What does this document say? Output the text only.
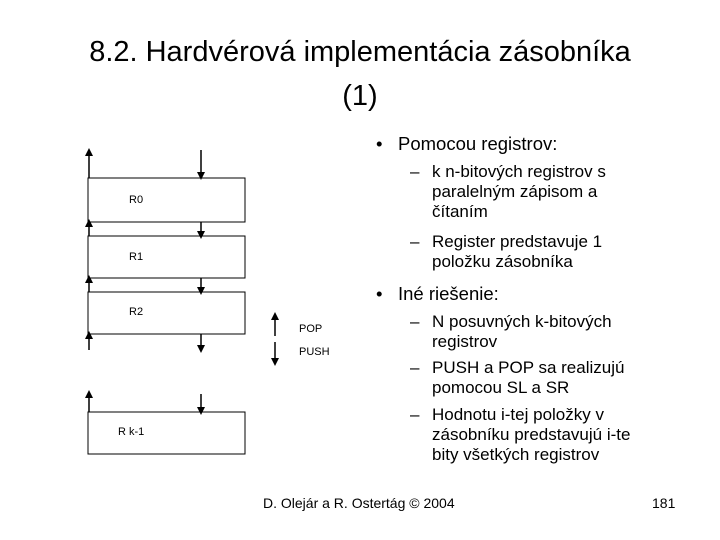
8.2. Hardvérová implementácia zásobníka
(1)
R0
R1
R2
R k-1
POP
PUSH
• Pomocou registrov:
– k n-bitových registrov s
paralelným zápisom a
čítaním
– Register predstavuje 1
položku zásobníka
• Iné riešenie:
– N posuvných k-bitových
registrov
– PUSH a POP sa realizujú
pomocou SL a SR
– Hodnotu i-tej položky v
zásobníku predstavujú i-te
bity všetkých registrov
D. Olejár a R. Ostertág © 2004	181
